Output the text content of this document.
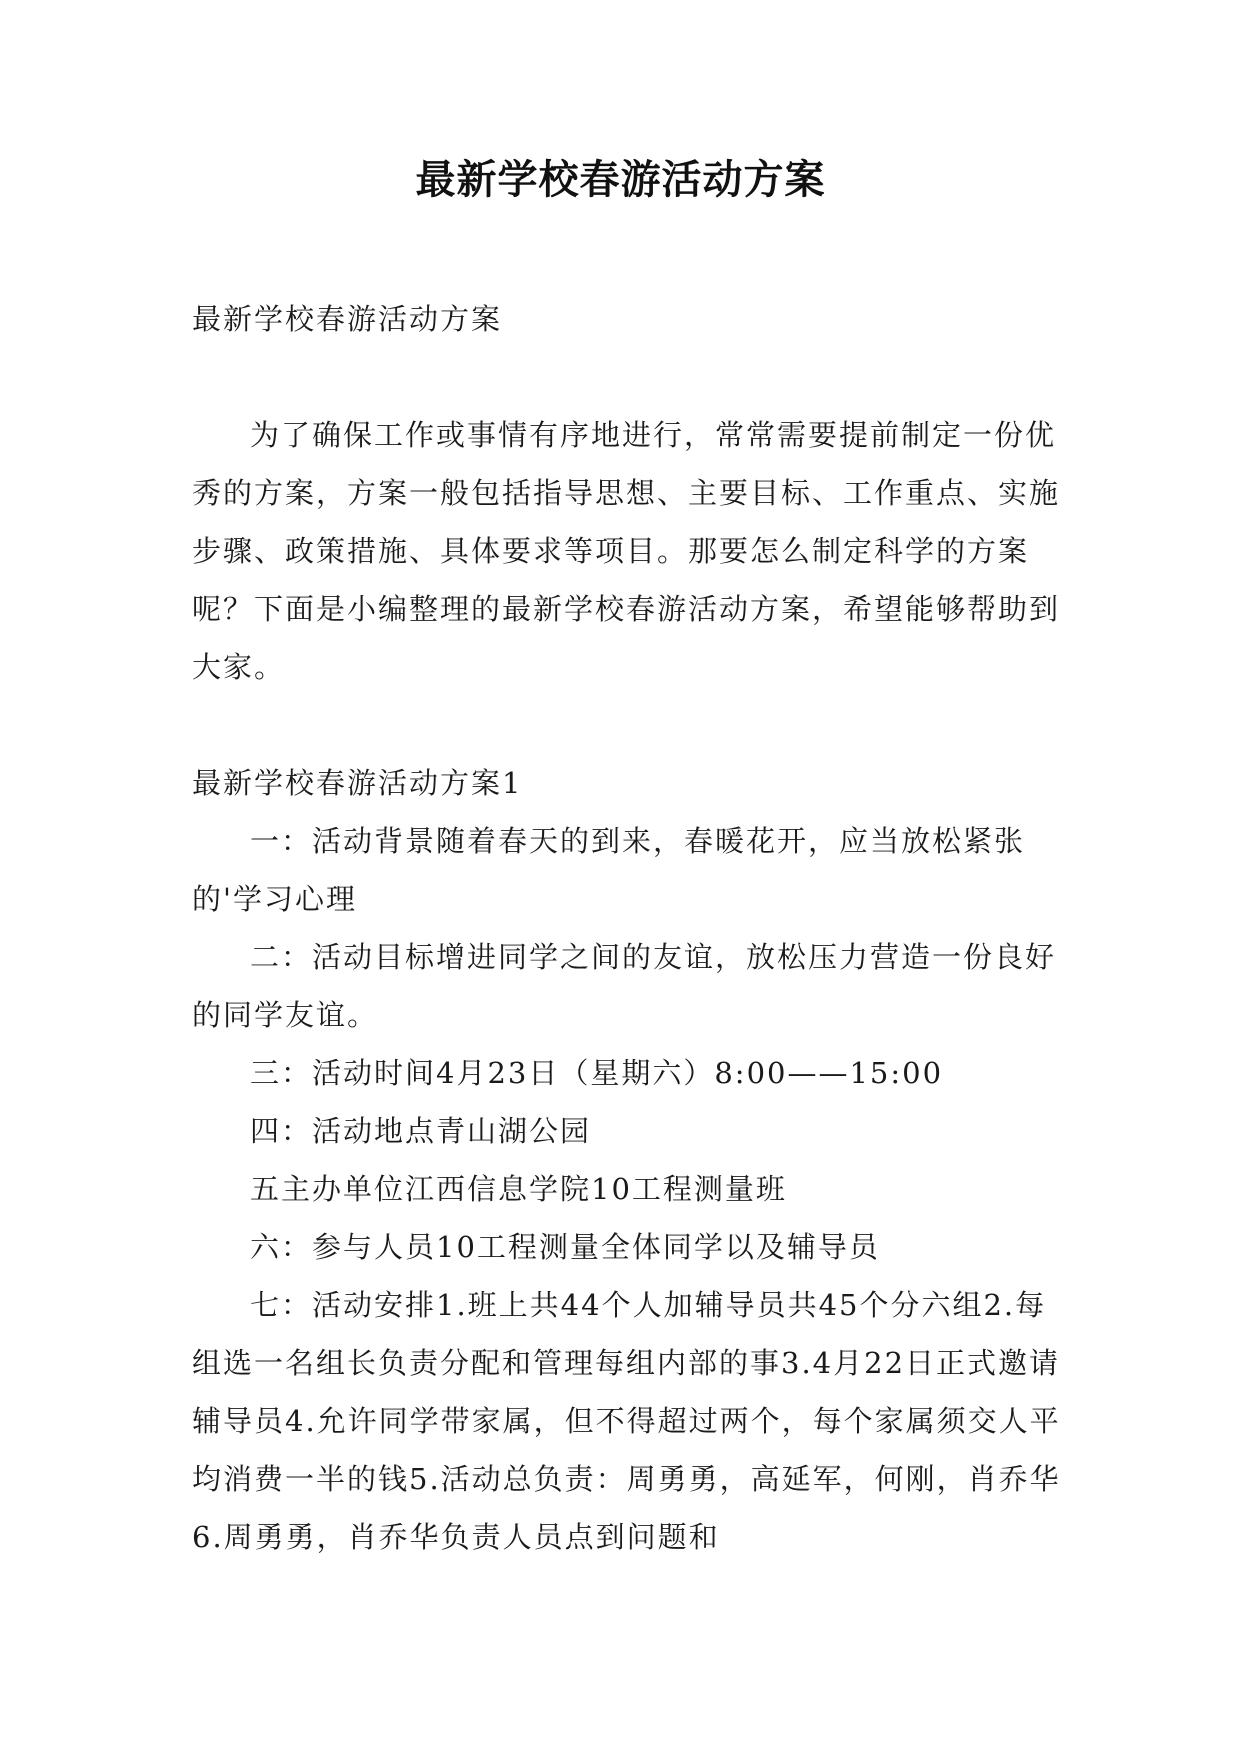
最新学校春游活动方案

最新学校春游活动方案

为了确保工作或事情有序地进行，常常需要提前制定一份优秀的方案，方案一般包括指导思想、主要目标、工作重点、实施步骤、政策措施、具体要求等项目。那要怎么制定科学的方案呢？下面是小编整理的最新学校春游活动方案，希望能够帮助到大家。

最新学校春游活动方案1

一：活动背景随着春天的到来，春暖花开，应当放松紧张的'学习心理

二：活动目标增进同学之间的友谊，放松压力营造一份良好的同学友谊。

三：活动时间4月23日（星期六）8:00——15:00

四：活动地点青山湖公园

五主办单位江西信息学院10工程测量班

六：参与人员10工程测量全体同学以及辅导员

七：活动安排1.班上共44个人加辅导员共45个分六组2.每组选一名组长负责分配和管理每组内部的事3.4月22日正式邀请辅导员4.允许同学带家属，但不得超过两个，每个家属须交人平均消费一半的钱5.活动总负责：周勇勇，高延军，何刚，肖乔华6.周勇勇，肖乔华负责人员点到问题和
